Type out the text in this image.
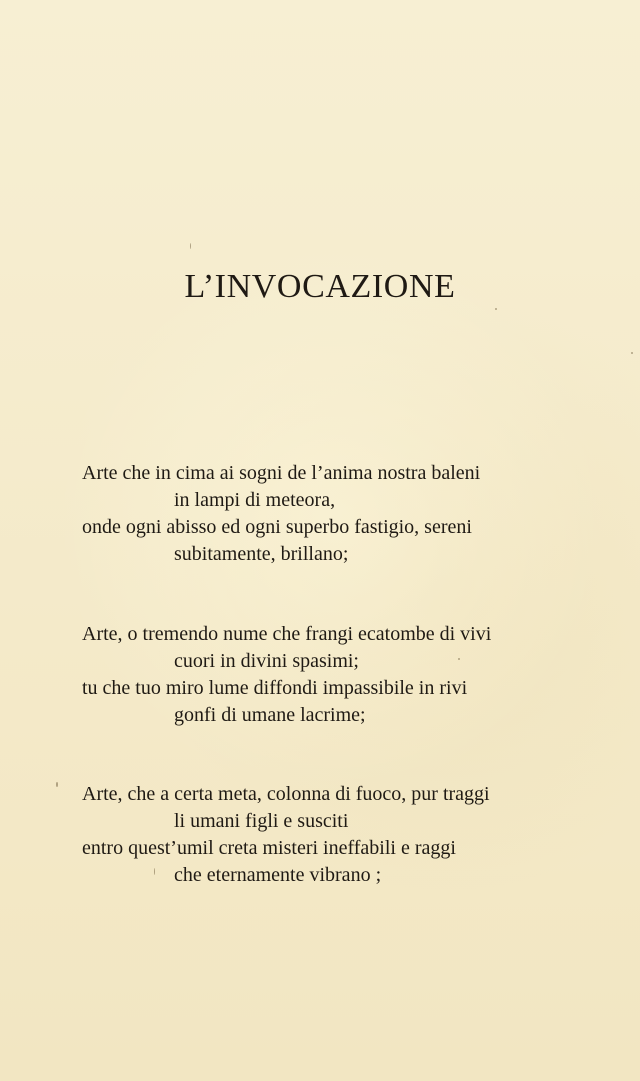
L’INVOCAZIONE
Arte che in cima ai sogni de l’anima nostra baleni
in lampi di meteora,
onde ogni abisso ed ogni superbo fastigio, sereni
subitamente, brillano;
Arte, o tremendo nume che frangi ecatombe di vivi
cuori in divini spasimi;
tu che tuo miro lume diffondi impassibile in rivi
gonfi di umane lacrime;
Arte, che a certa meta, colonna di fuoco, pur traggi
li umani figli e susciti
entro quest’umil creta misteri ineffabili e raggi
che eternamente vibrano ;
